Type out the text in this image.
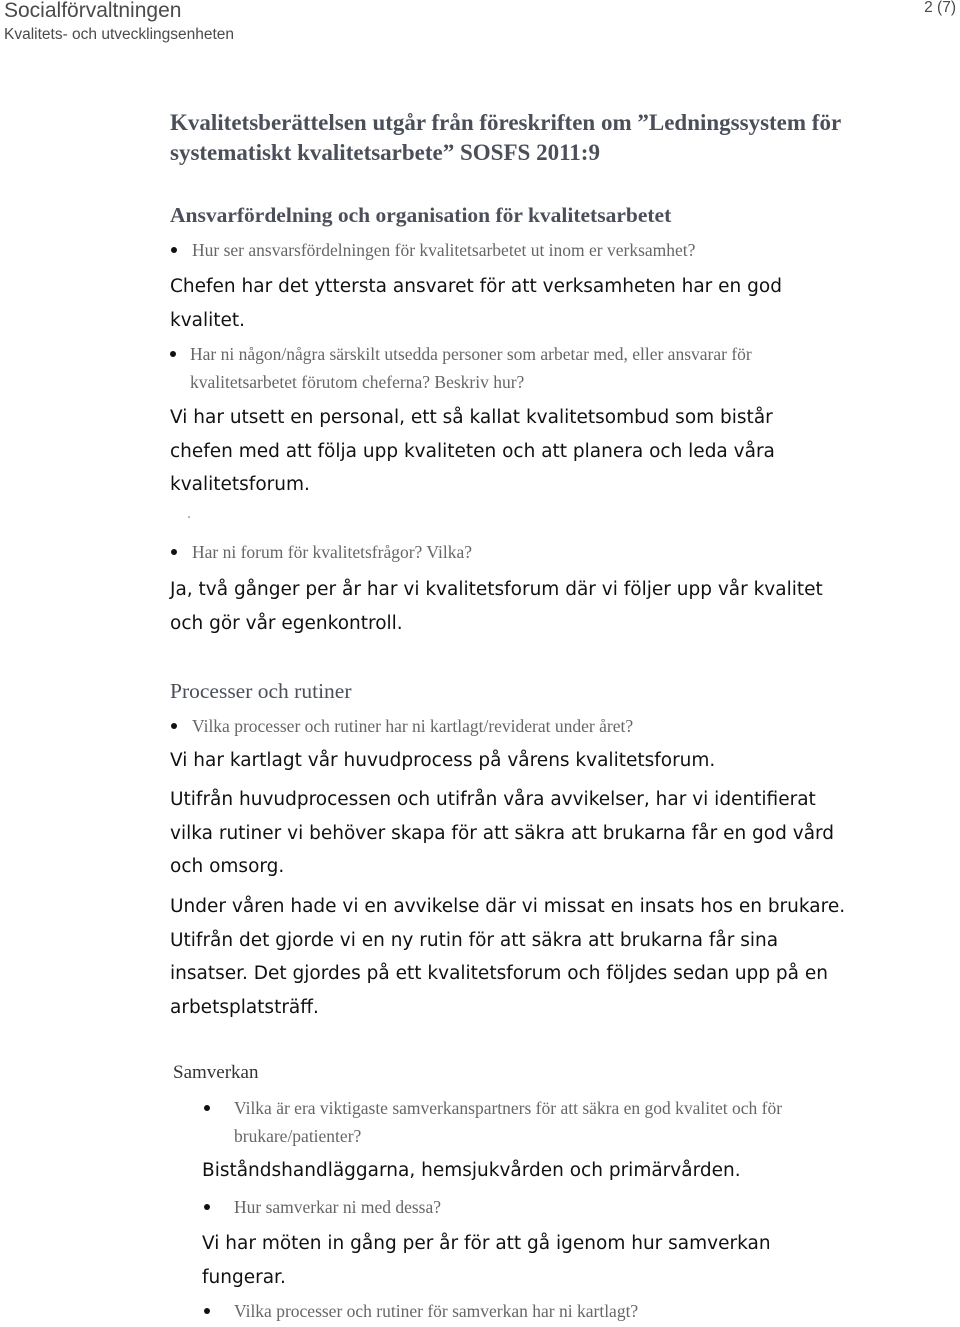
Socialförvaltningen
Kvalitets- och utvecklingsenheten
2 (7)
Kvalitetsberättelsen utgår från föreskriften om ”Ledningssystem för systematiskt kvalitetsarbete” SOSFS 2011:9
Ansvarfördelning och organisation för kvalitetsarbetet
Hur ser ansvarsfördelningen för kvalitetsarbetet ut inom er verksamhet?
Chefen har det yttersta ansvaret för att verksamheten har en god kvalitet.
Har ni någon/några särskilt utsedda personer som arbetar med, eller ansvarar för kvalitetsarbetet förutom cheferna? Beskriv hur?
Vi har utsett en personal, ett så kallat kvalitetsombud som bistår chefen med att följa upp kvaliteten och att planera och leda våra kvalitetsforum.
.
Har ni forum för kvalitetsfrågor? Vilka?
Ja, två gånger per år har vi kvalitetsforum där vi följer upp vår kvalitet och gör vår egenkontroll.
Processer och rutiner
Vilka processer och rutiner har ni kartlagt/reviderat under året?
Vi har kartlagt vår huvudprocess på vårens kvalitetsforum.
Utifrån huvudprocessen och utifrån våra avvikelser, har vi identifierat vilka rutiner vi behöver skapa för att säkra att brukarna får en god vård och omsorg.
Under våren hade vi en avvikelse där vi missat en insats hos en brukare. Utifrån det gjorde vi en ny rutin för att säkra att brukarna får sina insatser. Det gjordes på ett kvalitetsforum och följdes sedan upp på en arbetsplatsträff.
Samverkan
Vilka är era viktigaste samverkanspartners för att säkra en god kvalitet och för brukare/patienter?
Biståndshandläggarna, hemsjukvården och primärvården.
Hur samverkar ni med dessa?
Vi har möten in gång per år för att gå igenom hur samverkan fungerar.
Vilka processer och rutiner för samverkan har ni kartlagt?
